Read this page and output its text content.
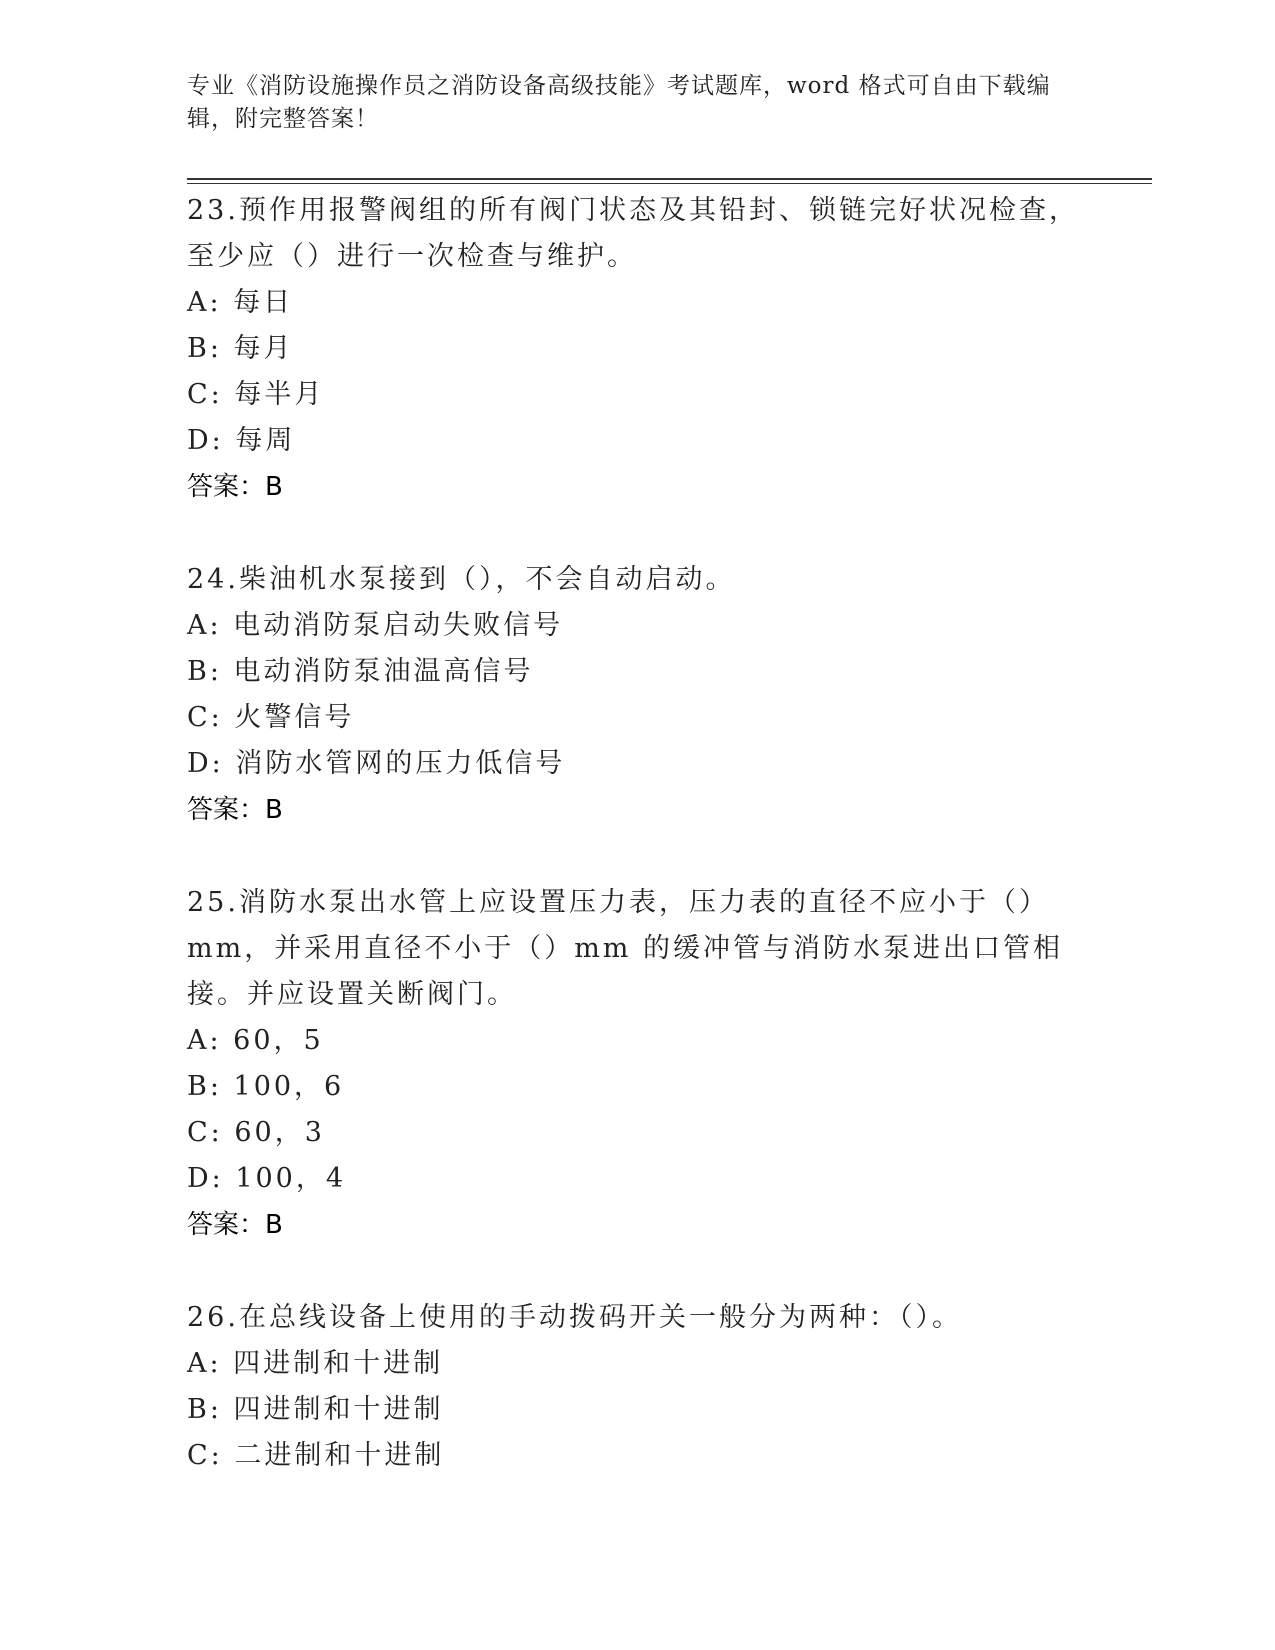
专业《消防设施操作员之消防设备高级技能》考试题库，word 格式可自由下载编
辑，附完整答案！

23.预作用报警阀组的所有阀门状态及其铅封、锁链完好状况检查，至少应（）进行一次检查与维护。

A: 每日

B: 每月

C: 每半月

D: 每周

答案：B

24.柴油机水泵接到（），不会自动启动。

A: 电动消防泵启动失败信号

B: 电动消防泵油温高信号

C: 火警信号

D: 消防水管网的压力低信号

答案：B

25.消防水泵出水管上应设置压力表，压力表的直径不应小于（）mm，并采用直径不小于（）mm 的缓冲管与消防水泵进出口管相接。并应设置关断阀门。

A: 60，5

B: 100，6

C: 60，3

D: 100，4

答案：B

26.在总线设备上使用的手动拨码开关一般分为两种：（）。

A: 四进制和十进制

B: 四进制和十进制

C: 二进制和十进制
